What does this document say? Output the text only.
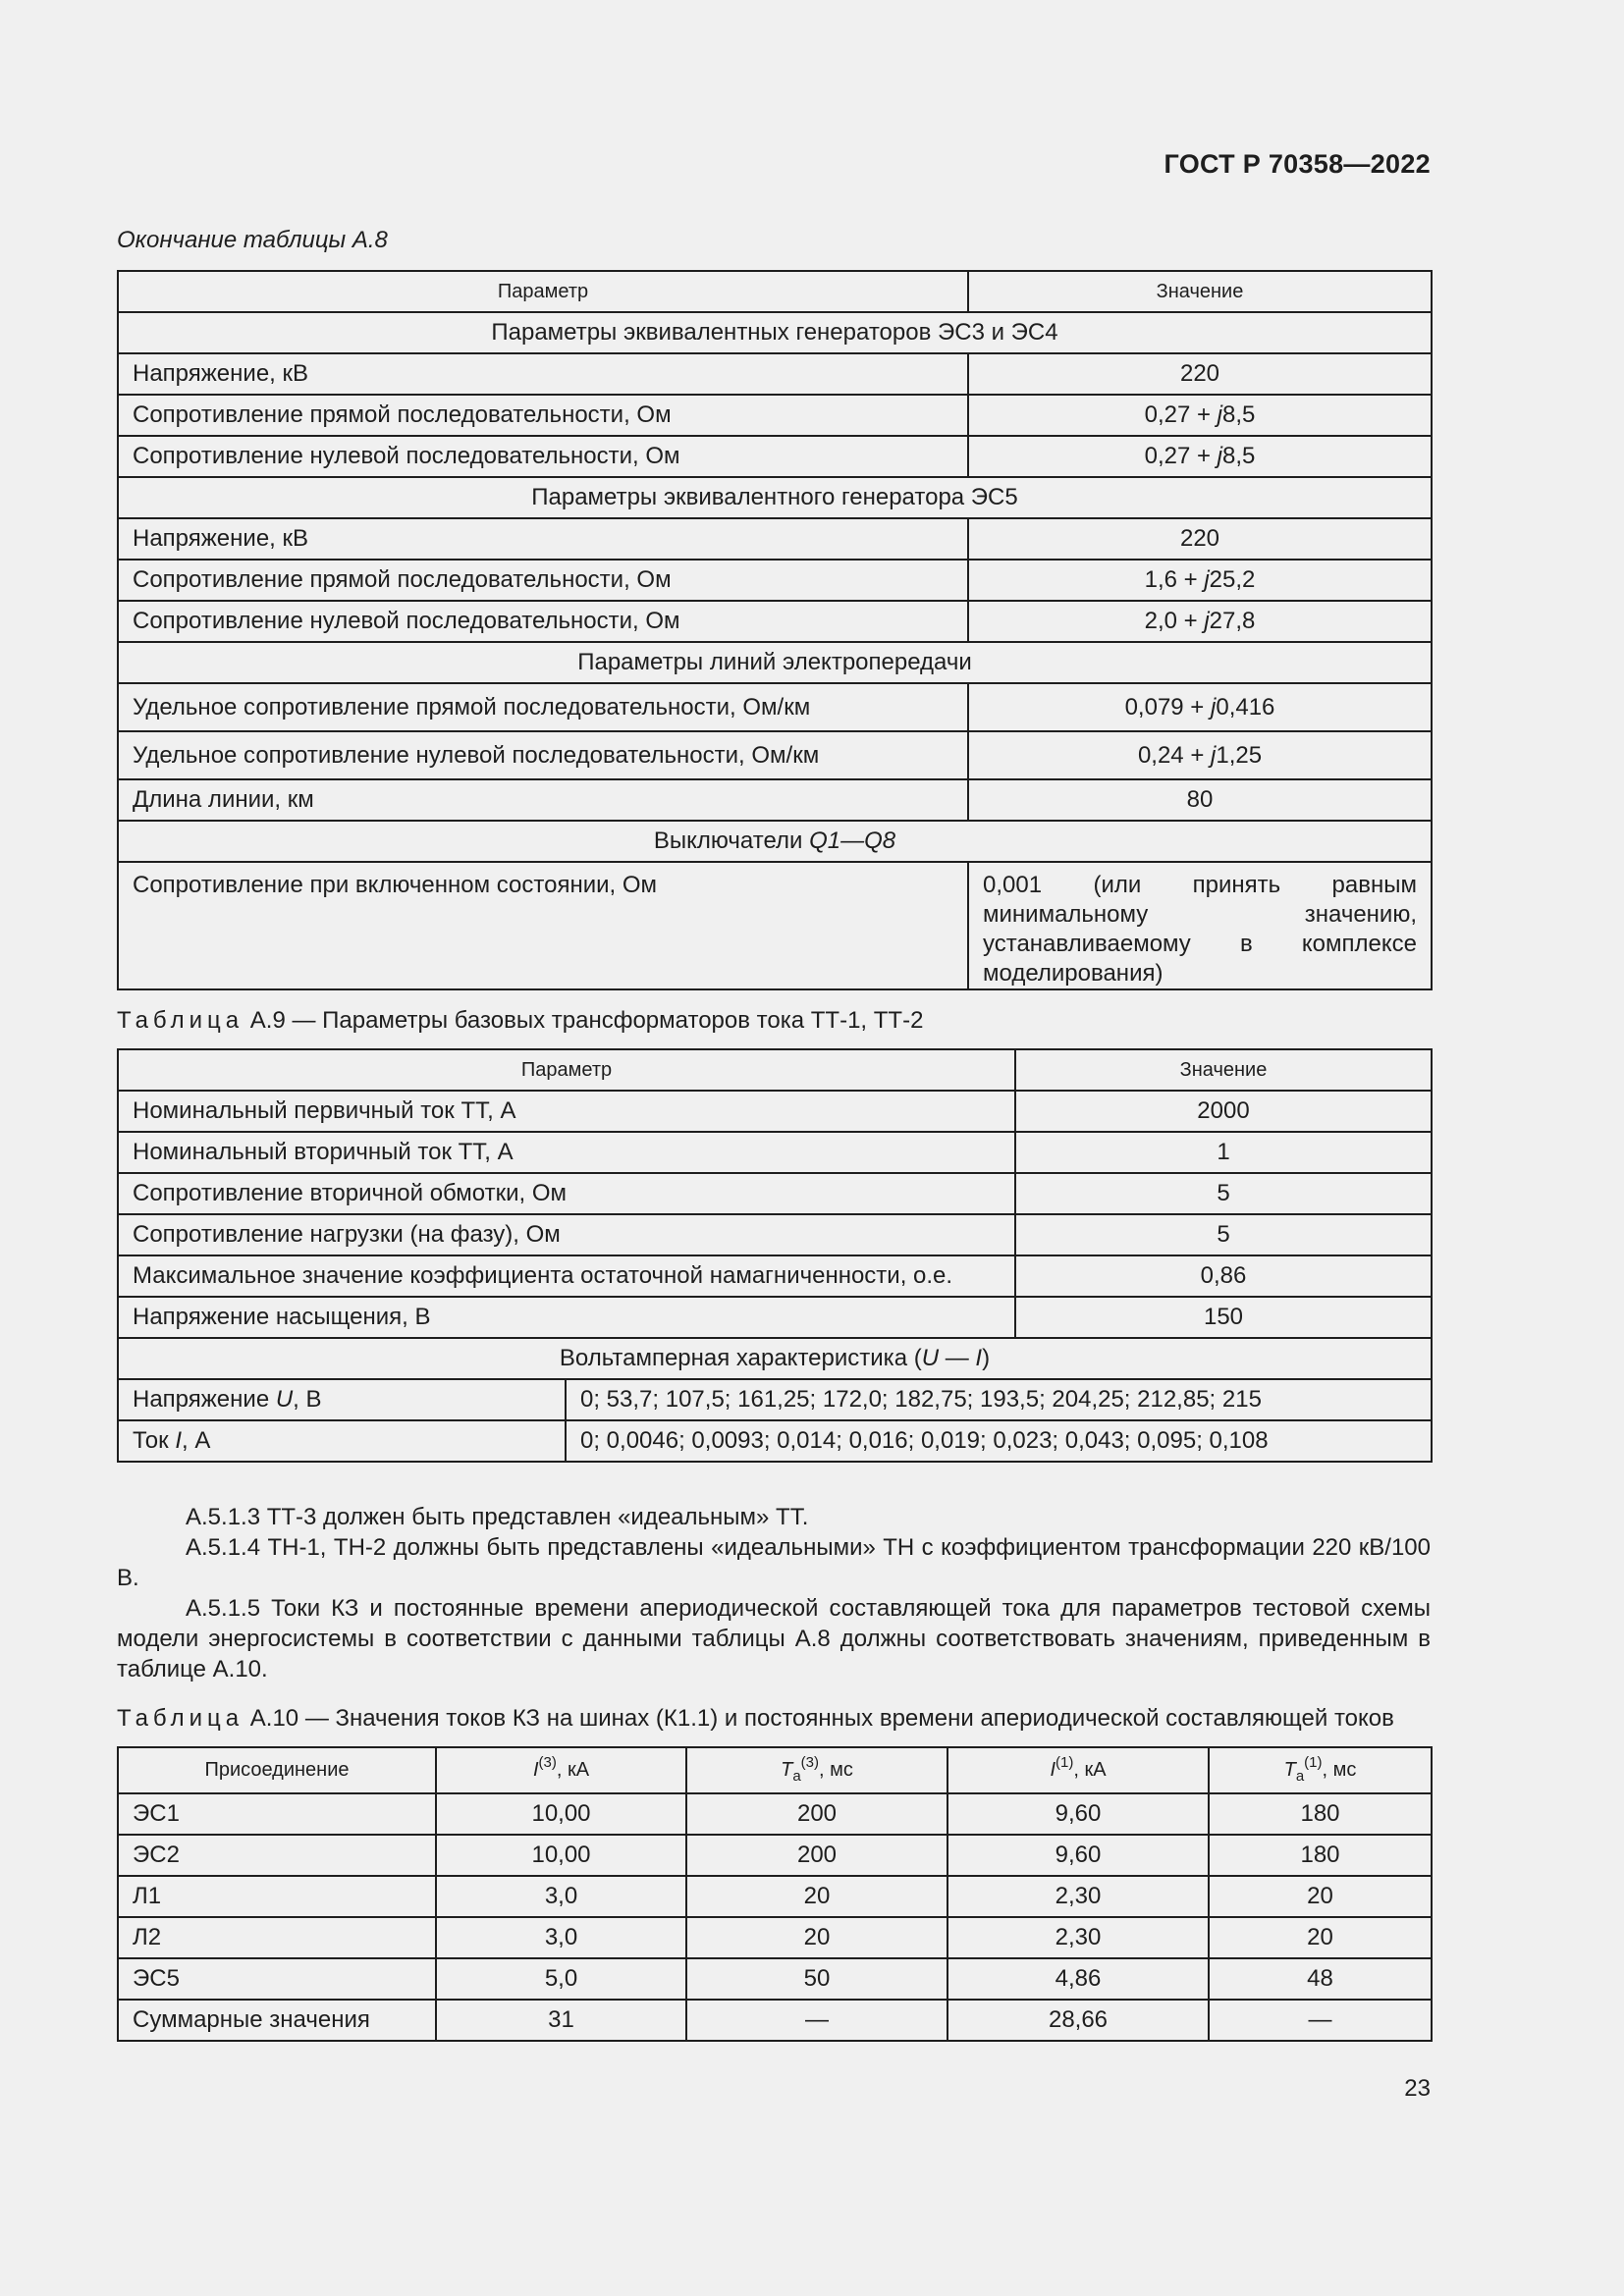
ГОСТ Р 70358—2022
Окончание таблицы А.8
Параметр	Значение
Параметры эквивалентных генераторов ЭС3 и ЭС4	
Напряжение, кВ	220
Сопротивление прямой последовательности, Ом	0,27 + j8,5
Сопротивление нулевой последовательности, Ом	0,27 + j8,5
Параметры эквивалентного генератора ЭС5	
Напряжение, кВ	220
Сопротивление прямой последовательности, Ом	1,6 + j25,2
Сопротивление нулевой последовательности, Ом	2,0 + j27,8
Параметры линий электропередачи	
Удельное сопротивление прямой последовательности, Ом/км	0,079 + j0,416
Удельное сопротивление нулевой последовательности, Ом/км	0,24 + j1,25
Длина линии, км	80
Выключатели Q1—Q8	
Сопротивление при включенном состоянии, Ом	0,001 (или принять равным минимальному значению, устанавливаемому в комплексе моделирования)
Таблица А.9 — Параметры базовых трансформаторов тока ТТ-1, ТТ-2
Параметр		Значение
Номинальный первичный ток ТТ, А		2000
Номинальный вторичный ток ТТ, А		1
Сопротивление вторичной обмотки, Ом		5
Сопротивление нагрузки (на фазу), Ом		5
Максимальное значение коэффициента остаточной намагниченности, о.е.		0,86
Напряжение насыщения, В		150
Вольтамперная характеристика (U — I)		
Напряжение U, В	0; 53,7; 107,5; 161,25; 172,0; 182,75; 193,5; 204,25; 212,85; 215	
Ток I, А	0; 0,0046; 0,0093; 0,014; 0,016; 0,019; 0,023; 0,043; 0,095; 0,108	

А.5.1.3 ТТ-3 должен быть представлен «идеальным» ТТ.

А.5.1.4 ТН-1, ТН-2 должны быть представлены «идеальными» ТН с коэффициентом трансформации 220 кВ/100 В.

А.5.1.5 Токи КЗ и постоянные времени апериодической составляющей тока для параметров тестовой схемы модели энергосистемы в соответствии с данными таблицы А.8 должны соответствовать значениям, приведенным в таблице А.10.

Таблица А.10 — Значения токов КЗ на шинах (К1.1) и постоянных времени апериодической составляющей токов
Присоединение	$I^{(3)}$, кА	$T_a^{(3)}$, мс	$I^{(1)}$, кА	$T_a^{(1)}$, мс
ЭС1	10,00	200	9,60	180
ЭС2	10,00	200	9,60	180
Л1	3,0	20	2,30	20
Л2	3,0	20	2,30	20
ЭС5	5,0	50	4,86	48
Суммарные значения	31	—	28,66	—
23
